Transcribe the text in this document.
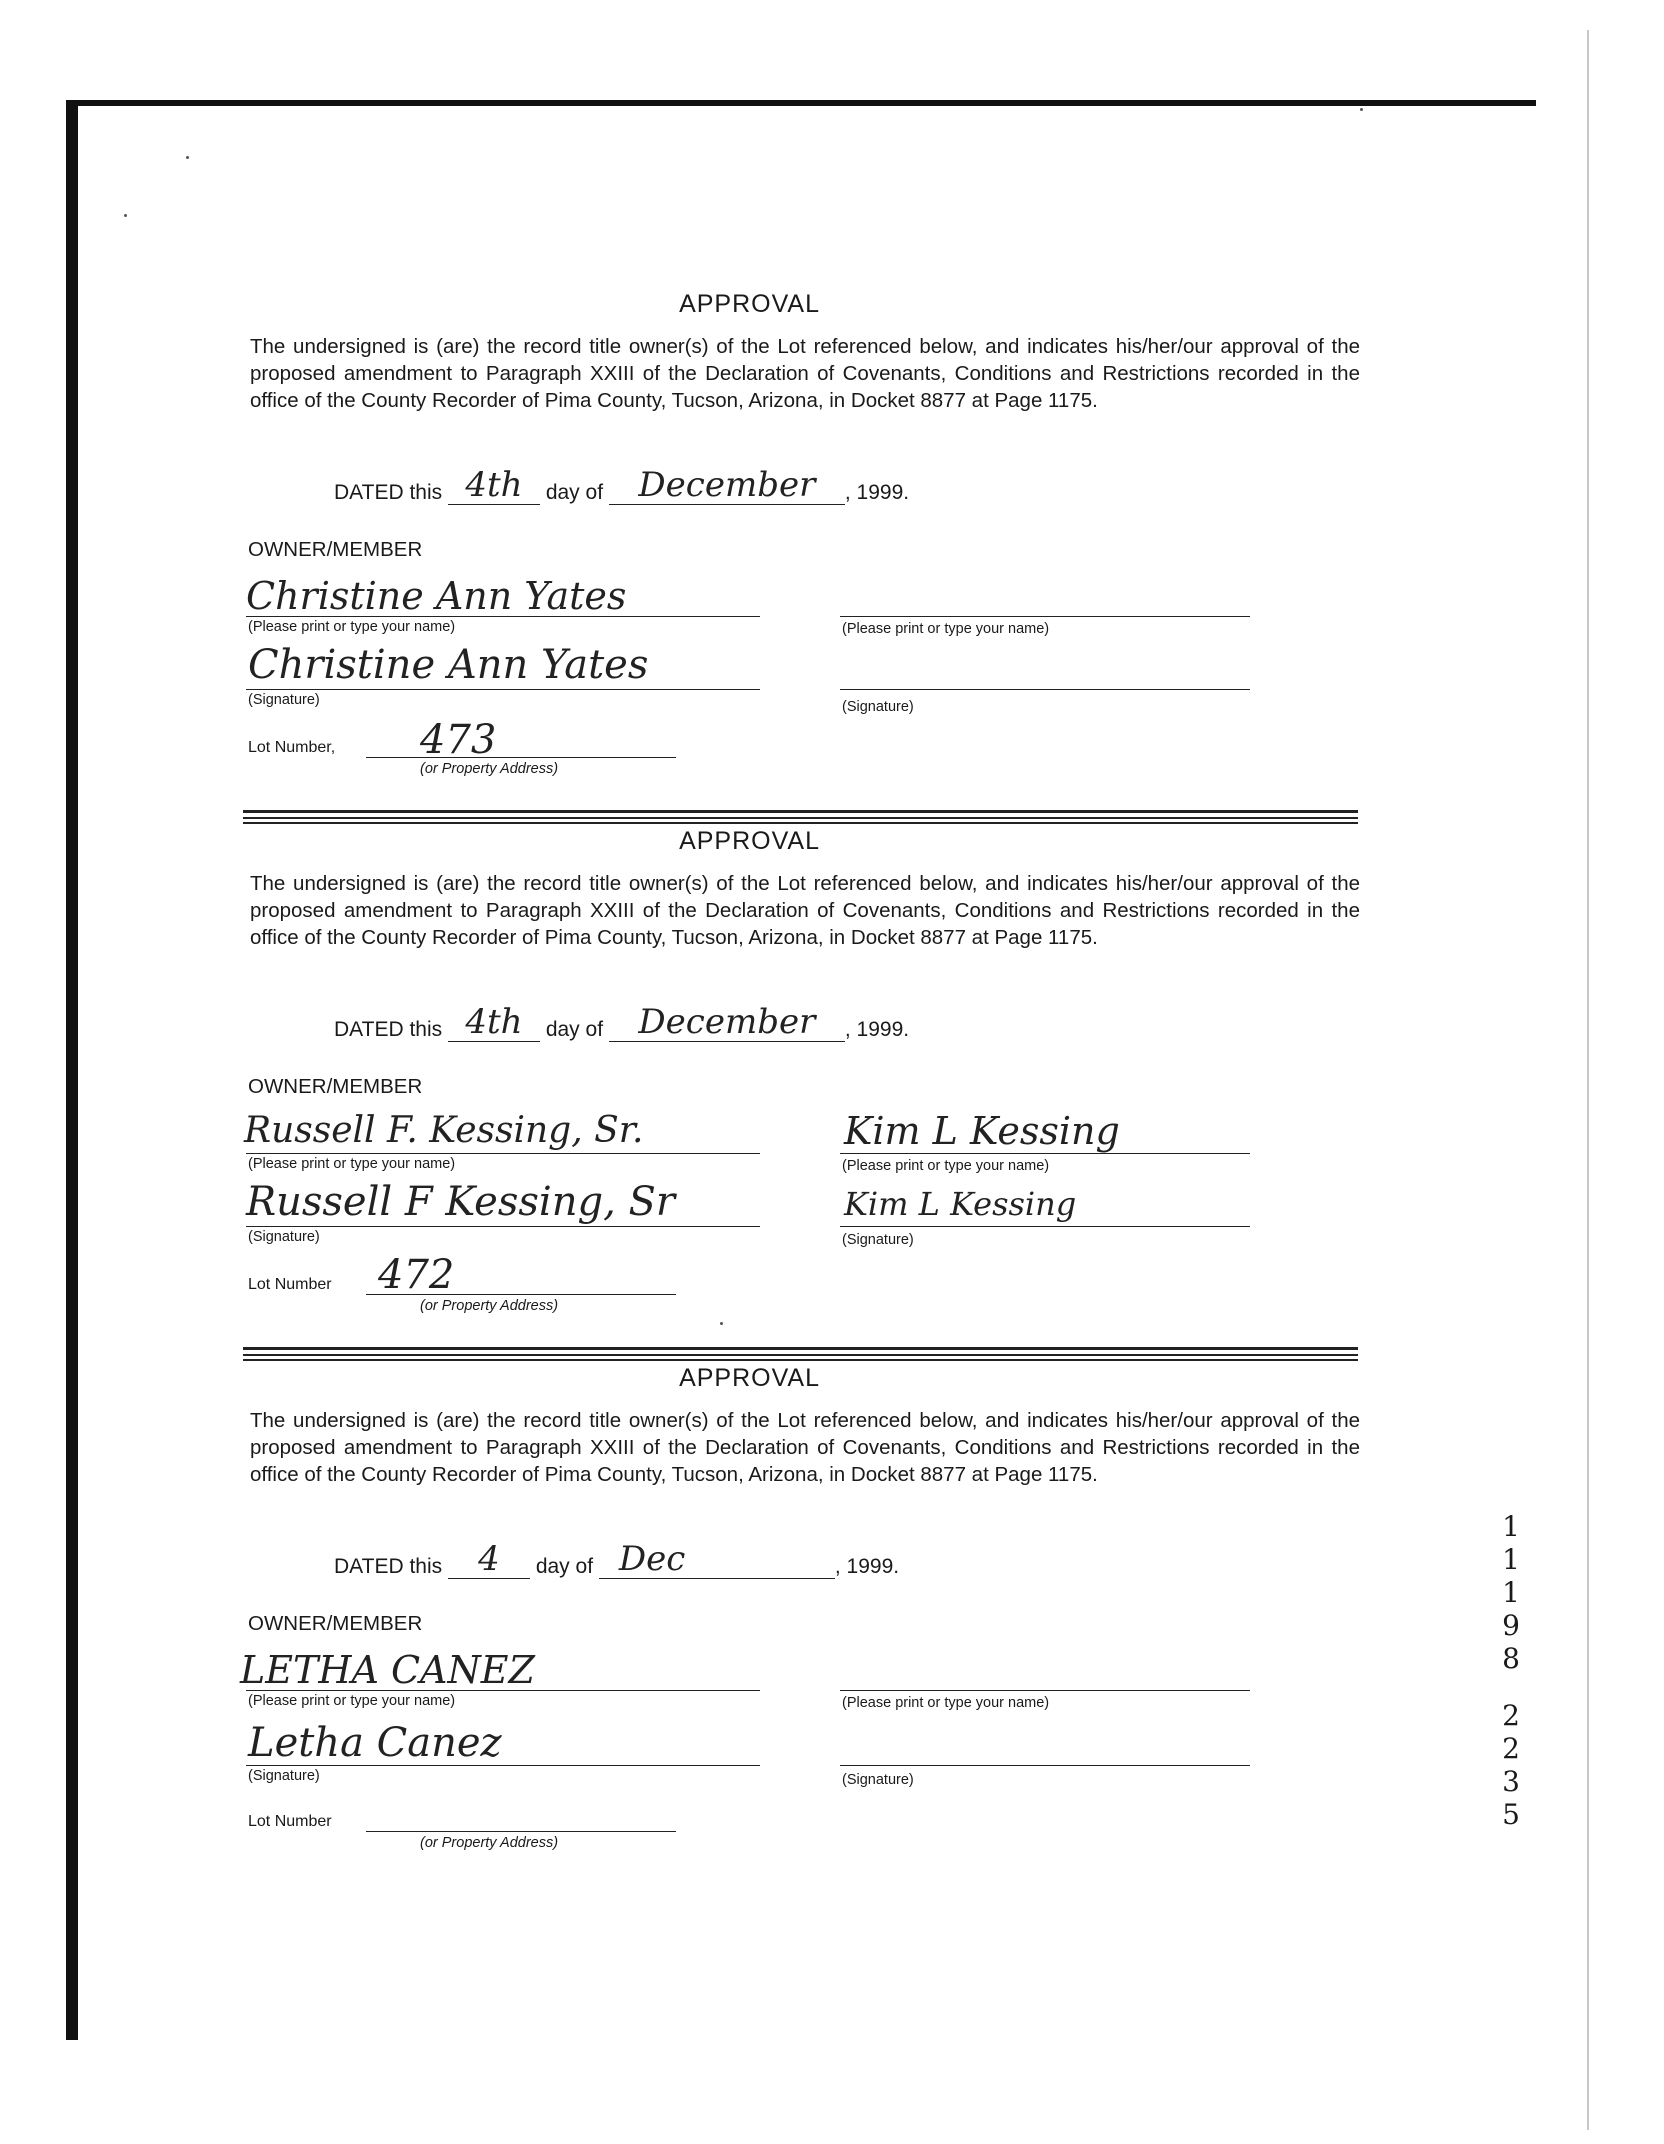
APPROVAL
The undersigned is (are) the record title owner(s) of the Lot referenced below, and indicates his/her/our approval of the proposed amendment to Paragraph XXIII of the Declaration of Covenants, Conditions and Restrictions recorded in the office of the County Recorder of Pima County, Tucson, Arizona, in Docket 8877 at Page 1175.
DATED this 4th	day of	December	, 1999.
OWNER/MEMBER
Christine Ann Yates
(Please print or type your name)	(Please print or type your name)
Christine Ann Yates
(Signature)	(Signature)
Lot Number, 473
(or Property Address)
APPROVAL
The undersigned is (are) the record title owner(s) of the Lot referenced below, and indicates his/her/our approval of the proposed amendment to Paragraph XXIII of the Declaration of Covenants, Conditions and Restrictions recorded in the office of the County Recorder of Pima County, Tucson, Arizona, in Docket 8877 at Page 1175.
DATED this 4th	day of	December	, 1999.
OWNER/MEMBER
Russell F. Kessing, Sr.
(Please print or type your name)
Kim L Kessing
(Please print or type your name)
Russell F Kessing, Sr
(Signature)
Kim L Kessing
(Signature)
Lot Number 472
(or Property Address)
APPROVAL
The undersigned is (are) the record title owner(s) of the Lot referenced below, and indicates his/her/our approval of the proposed amendment to Paragraph XXIII of the Declaration of Covenants, Conditions and Restrictions recorded in the office of the County Recorder of Pima County, Tucson, Arizona, in Docket 8877 at Page 1175.
DATED this	4	day of Dec	, 1999.
OWNER/MEMBER
LETHA CANEZ
(Please print or type your name)	(Please print or type your name)
Letha Canez
(Signature)	(Signature)
Lot Number
(or Property Address)
1
1
1
9
8
2
2
3
5
